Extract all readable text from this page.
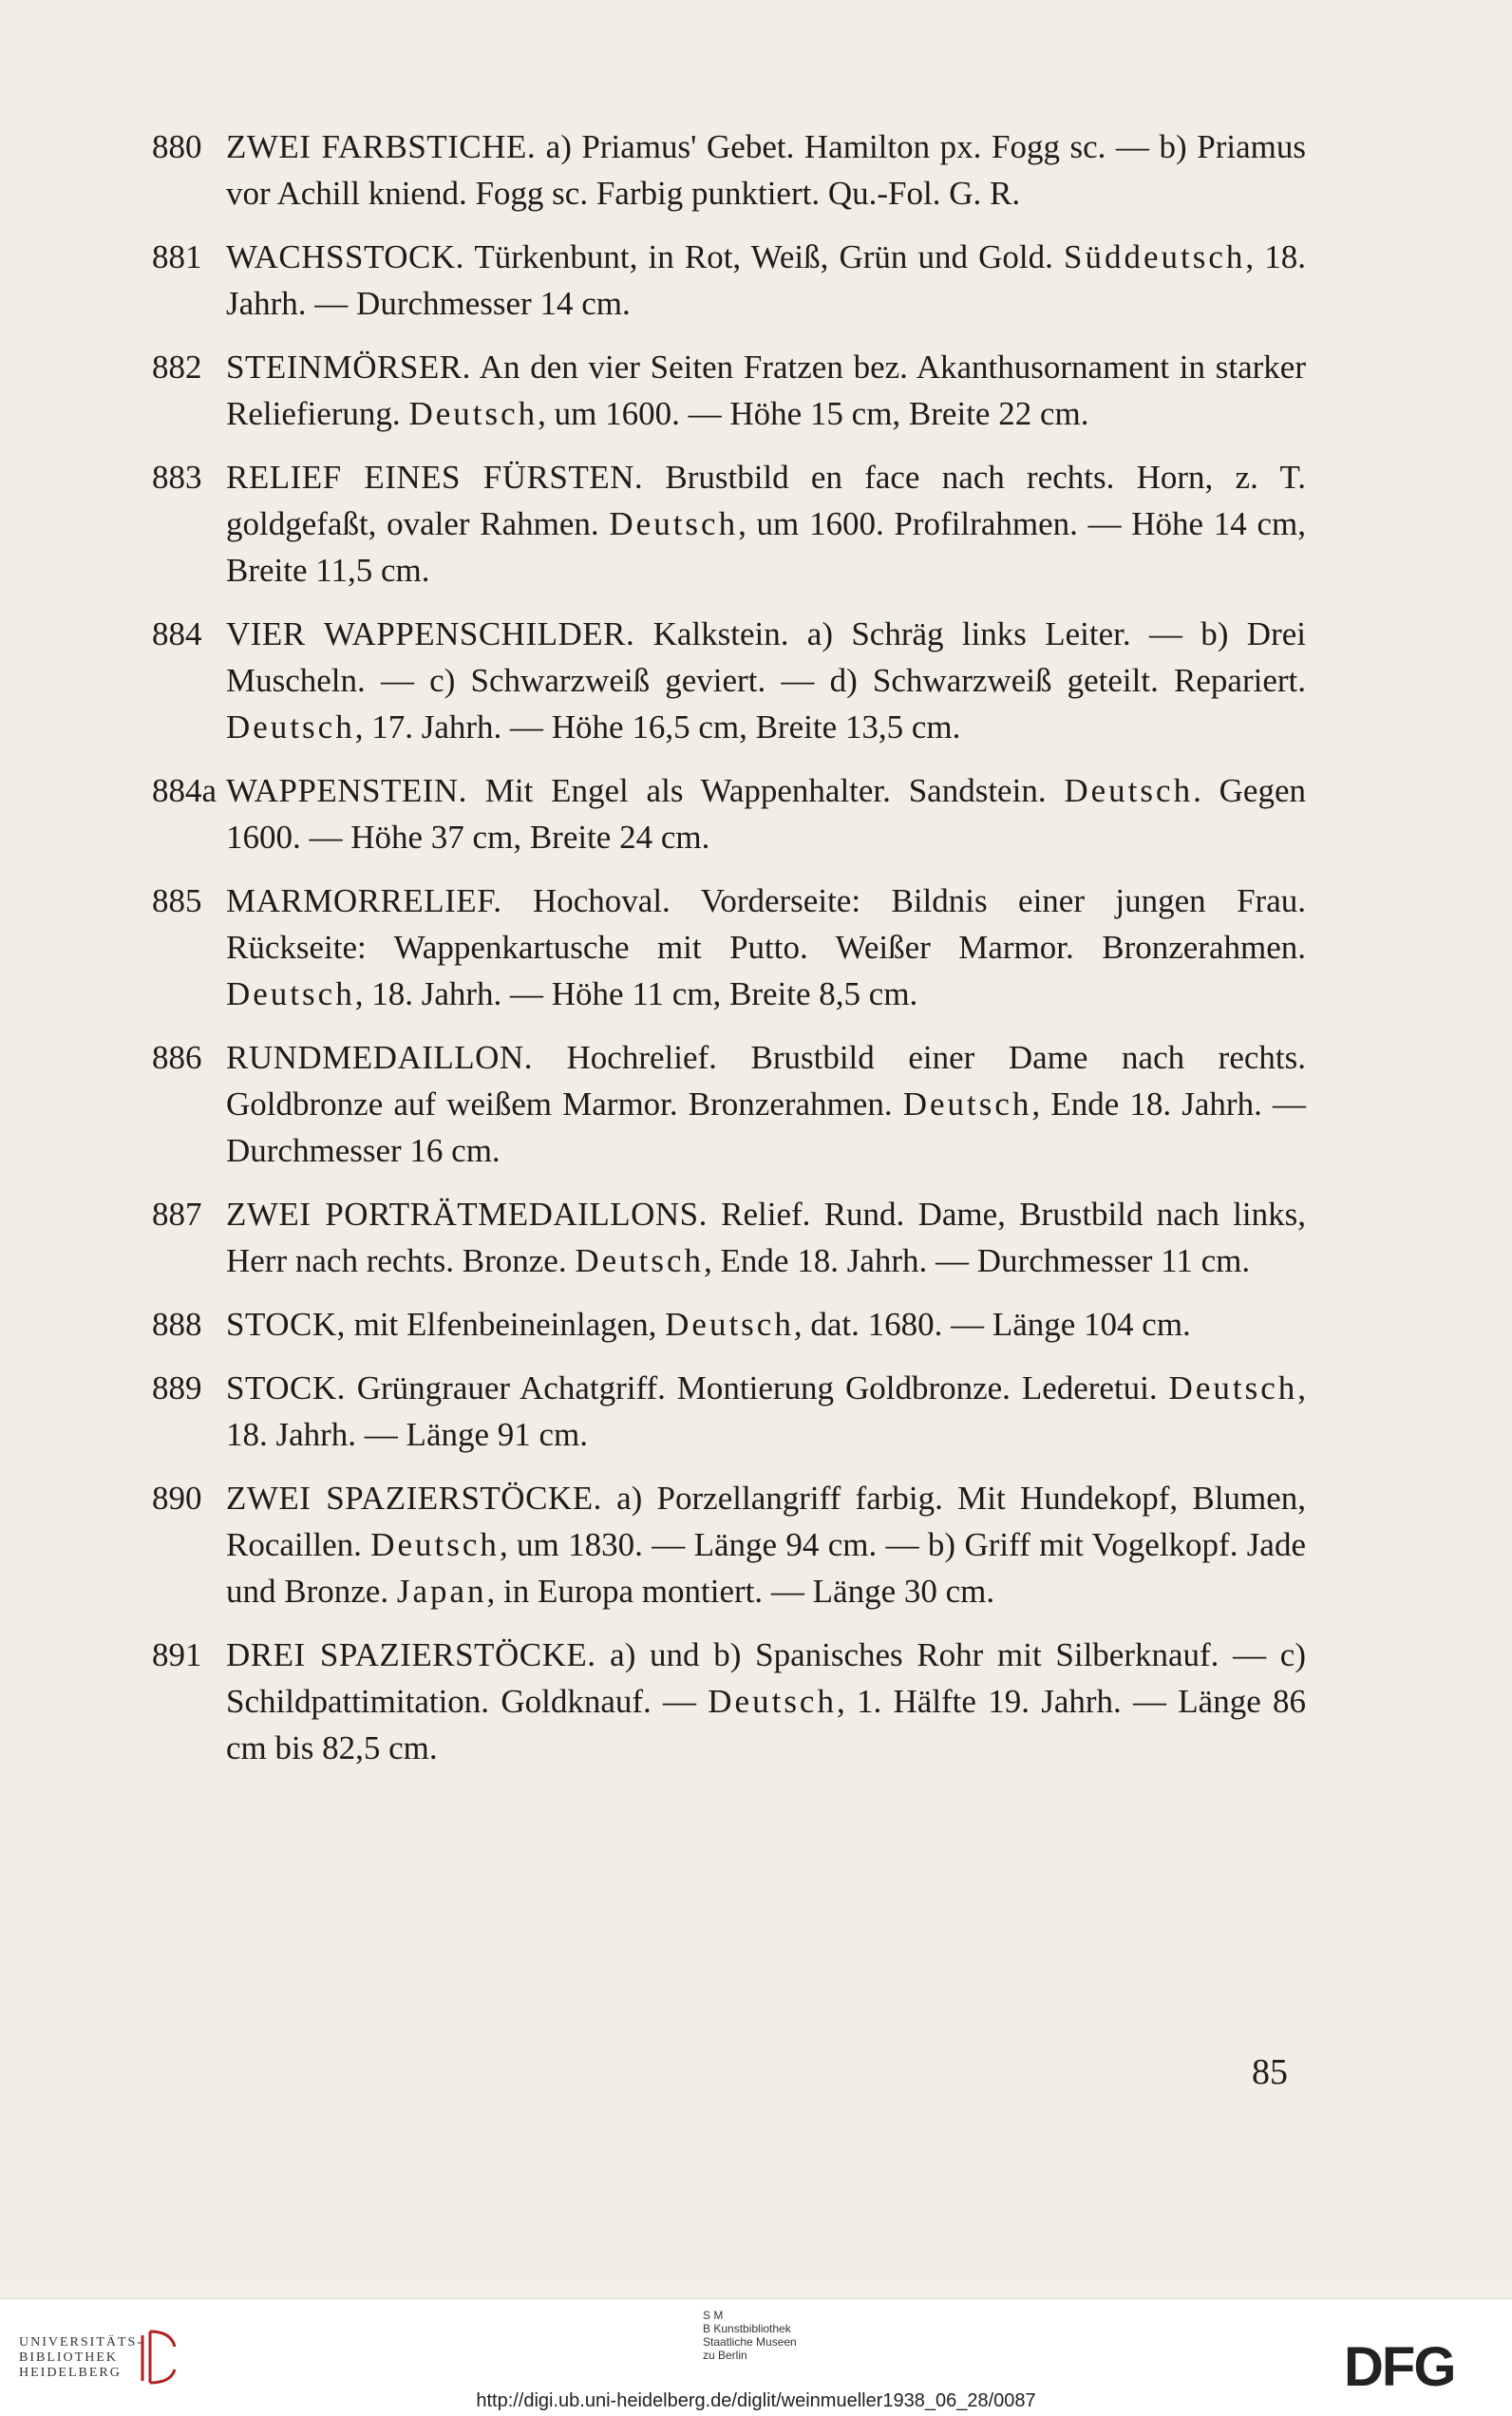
880 ZWEI FARBSTICHE. a) Priamus' Gebet. Hamilton px. Fogg sc. — b) Priamus vor Achill kniend. Fogg sc. Farbig punktiert. Qu.-Fol. G. R.
881 WACHSSTOCK. Türkenbunt, in Rot, Weiß, Grün und Gold. Süddeutsch, 18. Jahrh. — Durchmesser 14 cm.
882 STEINMÖRSER. An den vier Seiten Fratzen bez. Akanthusornament in starker Reliefierung. Deutsch, um 1600. — Höhe 15 cm, Breite 22 cm.
883 RELIEF EINES FÜRSTEN. Brustbild en face nach rechts. Horn, z. T. goldgefaßt, ovaler Rahmen. Deutsch, um 1600. Profilrahmen. — Höhe 14 cm, Breite 11,5 cm.
884 VIER WAPPENSCHILDER. Kalkstein. a) Schräg links Leiter. — b) Drei Muscheln. — c) Schwarzweiß geviert. — d) Schwarzweiß geteilt. Repariert. Deutsch, 17. Jahrh. — Höhe 16,5 cm, Breite 13,5 cm.
884a WAPPENSTEIN. Mit Engel als Wappenhalter. Sandstein. Deutsch. Gegen 1600. — Höhe 37 cm, Breite 24 cm.
885 MARMORRELIEF. Hochoval. Vorderseite: Bildnis einer jungen Frau. Rückseite: Wappenkartusche mit Putto. Weißer Marmor. Bronzerahmen. Deutsch, 18. Jahrh. — Höhe 11 cm, Breite 8,5 cm.
886 RUNDMEDAILLON. Hochrelief. Brustbild einer Dame nach rechts. Goldbronze auf weißem Marmor. Bronzerahmen. Deutsch, Ende 18. Jahrh. — Durchmesser 16 cm.
887 ZWEI PORTRÄTMEDAILLONS. Relief. Rund. Dame, Brustbild nach links, Herr nach rechts. Bronze. Deutsch, Ende 18. Jahrh. — Durchmesser 11 cm.
888 STOCK, mit Elfenbeineinlagen, Deutsch, dat. 1680. — Länge 104 cm.
889 STOCK. Grüngrauer Achatgriff. Montierung Goldbronze. Lederetui. Deutsch, 18. Jahrh. — Länge 91 cm.
890 ZWEI SPAZIERSTÖCKE. a) Porzellangriff farbig. Mit Hundekopf, Blumen, Rocaillen. Deutsch, um 1830. — Länge 94 cm. — b) Griff mit Vogelkopf. Jade und Bronze. Japan, in Europa montiert. — Länge 30 cm.
891 DREI SPAZIERSTÖCKE. a) und b) Spanisches Rohr mit Silberknauf. — c) Schildpattimitation. Goldknauf. — Deutsch, 1. Hälfte 19. Jahrh. — Länge 86 cm bis 82,5 cm.
85
UNIVERSITÄTS-
BIBLIOTHEK
HEIDELBERG
S M
B Kunstbibliothek
Staatliche Museen
zu Berlin	DFG
http://digi.ub.uni-heidelberg.de/diglit/weinmueller1938_06_28/0087
